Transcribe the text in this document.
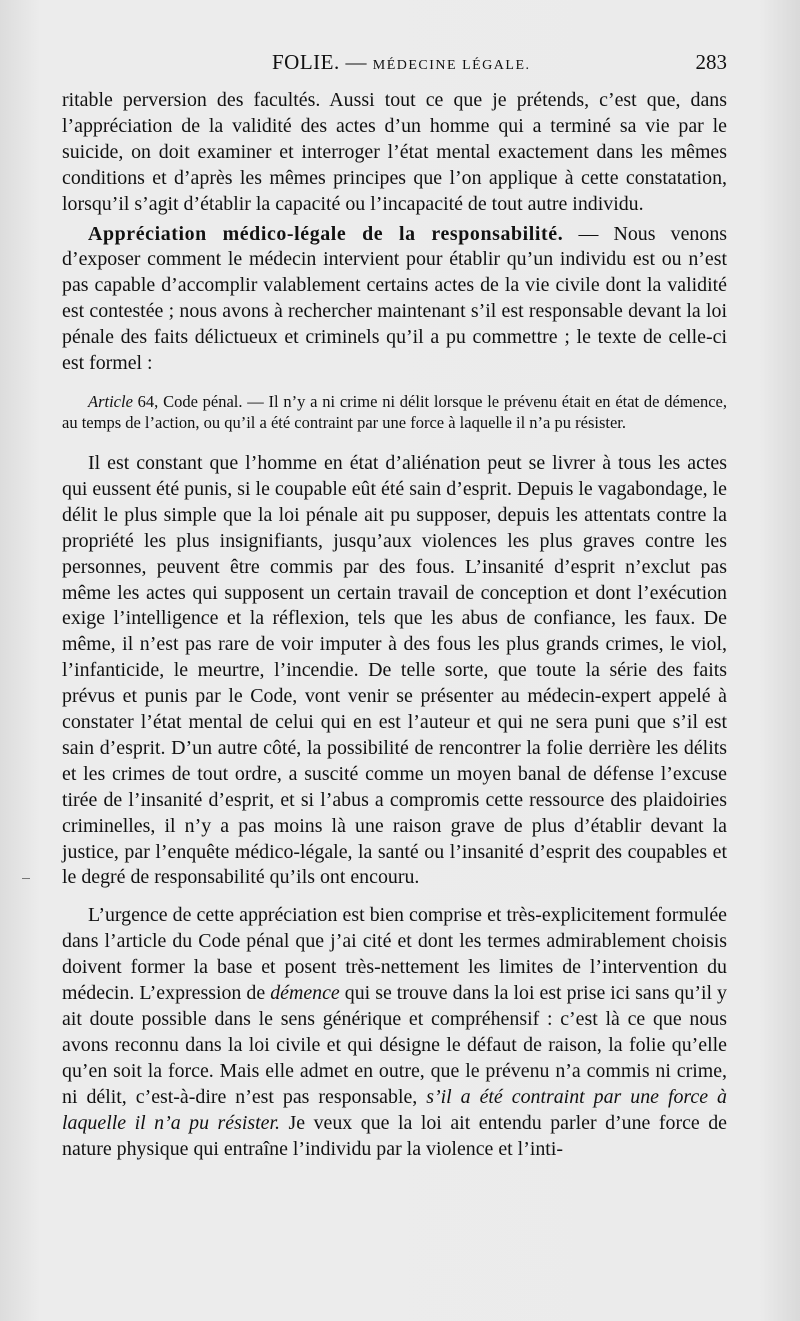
FOLIE. — MÉDECINE LÉGALE.	283

ritable perversion des facultés. Aussi tout ce que je prétends, c’est que, dans l’appréciation de la validité des actes d’un homme qui a terminé sa vie par le suicide, on doit examiner et interroger l’état mental exactement dans les mêmes conditions et d’après les mêmes principes que l’on applique à cette constatation, lorsqu’il s’agit d’établir la capacité ou l’incapacité de tout autre individu.

Appréciation médico-légale de la responsabilité. — Nous venons d’exposer comment le médecin intervient pour établir qu’un individu est ou n’est pas capable d’accomplir valablement certains actes de la vie civile dont la validité est contestée ; nous avons à rechercher maintenant s’il est responsable devant la loi pénale des faits délictueux et criminels qu’il a pu commettre ; le texte de celle-ci est formel :

Article 64, Code pénal. — Il n’y a ni crime ni délit lorsque le prévenu était en état de démence, au temps de l’action, ou qu’il a été contraint par une force à laquelle il n’a pu résister.

Il est constant que l’homme en état d’aliénation peut se livrer à tous les actes qui eussent été punis, si le coupable eût été sain d’esprit. Depuis le vagabondage, le délit le plus simple que la loi pénale ait pu supposer, depuis les attentats contre la propriété les plus insignifiants, jusqu’aux violences les plus graves contre les personnes, peuvent être commis par des fous. L’insanité d’esprit n’exclut pas même les actes qui supposent un certain travail de conception et dont l’exécution exige l’intelligence et la réflexion, tels que les abus de confiance, les faux. De même, il n’est pas rare de voir imputer à des fous les plus grands crimes, le viol, l’infanticide, le meurtre, l’incendie. De telle sorte, que toute la série des faits prévus et punis par le Code, vont venir se présenter au médecin-expert appelé à constater l’état mental de celui qui en est l’auteur et qui ne sera puni que s’il est sain d’esprit. D’un autre côté, la possibilité de rencontrer la folie derrière les délits et les crimes de tout ordre, a suscité comme un moyen banal de défense l’excuse tirée de l’insanité d’esprit, et si l’abus a compromis cette ressource des plaidoiries criminelles, il n’y a pas moins là une raison grave de plus d’établir devant la justice, par l’enquête médico-légale, la santé ou l’insanité d’esprit des coupables et le degré de responsabilité qu’ils ont encouru.

L’urgence de cette appréciation est bien comprise et très-explicitement formulée dans l’article du Code pénal que j’ai cité et dont les termes admirablement choisis doivent former la base et posent très-nettement les limites de l’intervention du médecin. L’expression de démence qui se trouve dans la loi est prise ici sans qu’il y ait doute possible dans le sens générique et compréhensif : c’est là ce que nous avons reconnu dans la loi civile et qui désigne le défaut de raison, la folie qu’elle qu’en soit la force. Mais elle admet en outre, que le prévenu n’a commis ni crime, ni délit, c’est-à-dire n’est pas responsable, s’il a été contraint par une force à laquelle il n’a pu résister. Je veux que la loi ait entendu parler d’une force de nature physique qui entraîne l’individu par la violence et l’inti-
